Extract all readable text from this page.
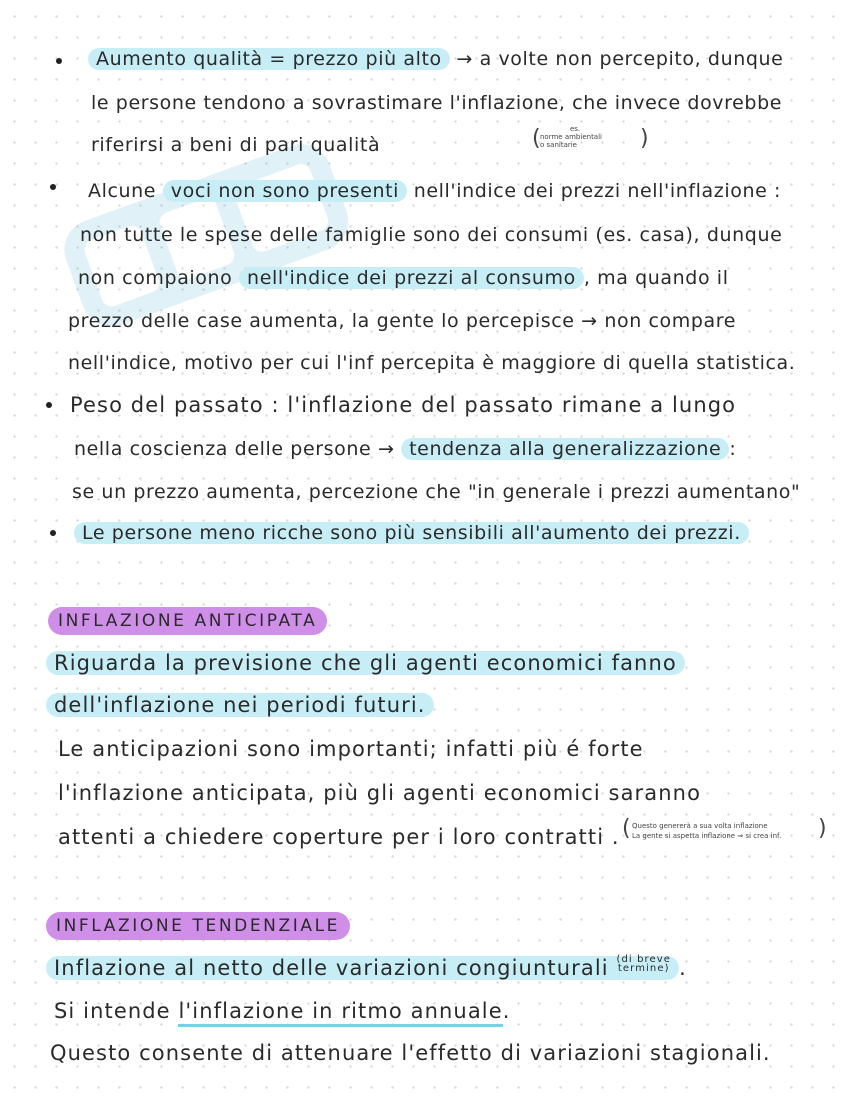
Aumento qualità = prezzo più alto → a volte non percepito, dunque
le persone tendono a sovrastimare l'inflazione, che invece dovrebbe
riferirsi a beni di pari qualità	(	es.
norme ambientali
o sanitarie	)
Alcune voci non sono presenti nell'indice dei prezzi nell'inflazione :
non tutte le spese delle famiglie sono dei consumi (es. casa), dunque
non compaiono nell'indice dei prezzi al consumo , ma quando il
prezzo delle case aumenta, la gente lo percepisce → non compare
nell'indice, motivo per cui l'inf percepita è maggiore di quella statistica.
Peso del passato : l'inflazione del passato rimane a lungo
nella coscienza delle persone → tendenza alla generalizzazione :
se un prezzo aumenta, percezione che "in generale i prezzi aumentano"
Le persone meno ricche sono più sensibili all'aumento dei prezzi.
INFLAZIONE ANTICIPATA
Riguarda la previsione che gli agenti economici fanno
dell'inflazione nei periodi futuri.
Le anticipazioni sono importanti; infatti più é forte
l'inflazione anticipata, più gli agenti economici saranno
attenti a chiedere coperture per i loro contratti . ( Questo genererà a sua volta inflazione
La gente si aspetta inflazione ⇒ si crea inf. )
INFLAZIONE TENDENZIALE
Inflazione al netto delle variazioni congiunturali (di breve
termine) .
Si intende l'inflazione in ritmo annuale.
Questo consente di attenuare l'effetto di variazioni stagionali.
